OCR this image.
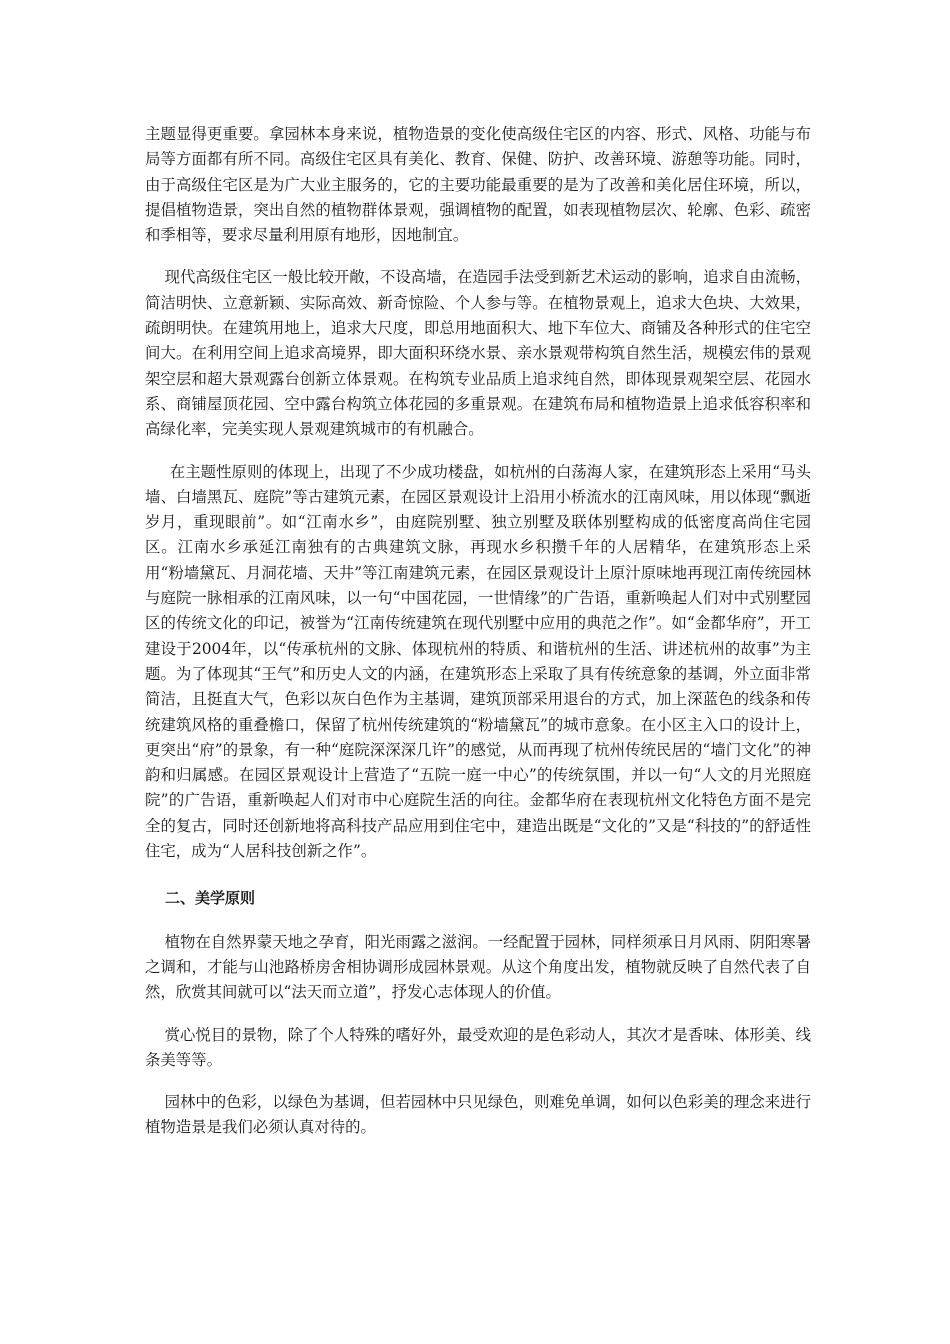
主题显得更重要。拿园林本身来说，植物造景的变化使高级住宅区的内容、形式、风格、功能与布局等方面都有所不同。高级住宅区具有美化、教育、保健、防护、改善环境、游憩等功能。同时，由于高级住宅区是为广大业主服务的，它的主要功能最重要的是为了改善和美化居住环境，所以，提倡植物造景，突出自然的植物群体景观，强调植物的配置，如表现植物层次、轮廓、色彩、疏密和季相等，要求尽量利用原有地形，因地制宜。

现代高级住宅区一般比较开敞，不设高墙，在造园手法受到新艺术运动的影响，追求自由流畅，简洁明快、立意新颖、实际高效、新奇惊险、个人参与等。在植物景观上，追求大色块、大效果，疏朗明快。在建筑用地上，追求大尺度，即总用地面积大、地下车位大、商铺及各种形式的住宅空间大。在利用空间上追求高境界，即大面积环绕水景、亲水景观带构筑自然生活，规模宏伟的景观架空层和超大景观露台创新立体景观。在构筑专业品质上追求纯自然，即体现景观架空层、花园水系、商铺屋顶花园、空中露台构筑立体花园的多重景观。在建筑布局和植物造景上追求低容积率和高绿化率，完美实现人景观建筑城市的有机融合。

在主题性原则的体现上，出现了不少成功楼盘，如杭州的白荡海人家，在建筑形态上采用“马头墙、白墙黑瓦、庭院”等古建筑元素，在园区景观设计上沿用小桥流水的江南风味，用以体现“飘逝岁月，重现眼前”。如“江南水乡”，由庭院别墅、独立别墅及联体别墅构成的低密度高尚住宅园区。江南水乡承延江南独有的古典建筑文脉，再现水乡积攒千年的人居精华，在建筑形态上采用“粉墙黛瓦、月洞花墙、天井”等江南建筑元素，在园区景观设计上原汁原味地再现江南传统园林与庭院一脉相承的江南风味，以一句“中国花园，一世情缘”的广告语，重新唤起人们对中式别墅园区的传统文化的印记，被誉为“江南传统建筑在现代别墅中应用的典范之作”。如“金都华府”，开工建设于2004年，以“传承杭州的文脉、体现杭州的特质、和谐杭州的生活、讲述杭州的故事”为主题。为了体现其“王气”和历史人文的内涵，在建筑形态上采取了具有传统意象的基调，外立面非常简洁，且挺直大气，色彩以灰白色作为主基调，建筑顶部采用退台的方式，加上深蓝色的线条和传统建筑风格的重叠檐口，保留了杭州传统建筑的“粉墙黛瓦”的城市意象。在小区主入口的设计上，更突出“府”的景象，有一种“庭院深深深几许”的感觉，从而再现了杭州传统民居的“墙门文化”的神韵和归属感。在园区景观设计上营造了“五院一庭一中心”的传统氛围，并以一句“人文的月光照庭院”的广告语，重新唤起人们对市中心庭院生活的向往。金都华府在表现杭州文化特色方面不是完全的复古，同时还创新地将高科技产品应用到住宅中，建造出既是“文化的”又是“科技的”的舒适性住宅，成为“人居科技创新之作”。

二、美学原则

植物在自然界蒙天地之孕育，阳光雨露之滋润。一经配置于园林，同样须承日月风雨、阴阳寒暑之调和，才能与山池路桥房舍相协调形成园林景观。从这个角度出发，植物就反映了自然代表了自然，欣赏其间就可以“法天而立道”，抒发心志体现人的价值。

赏心悦目的景物，除了个人特殊的嗜好外，最受欢迎的是色彩动人，其次才是香味、体形美、线条美等等。

园林中的色彩，以绿色为基调，但若园林中只见绿色，则难免单调，如何以色彩美的理念来进行植物造景是我们必须认真对待的。
